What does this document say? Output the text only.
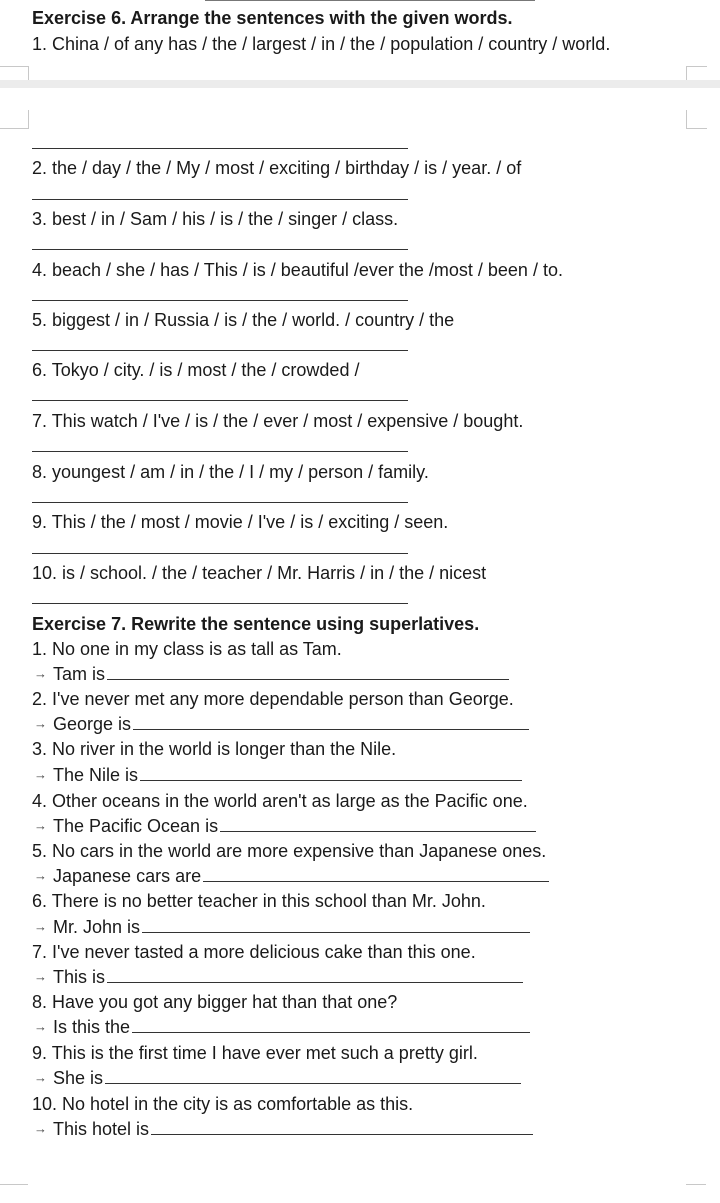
Exercise 6. Arrange the sentences with the given words.
1. China / of any has / the / largest / in / the / population / country / world.
2. the / day / the / My / most / exciting / birthday / is / year. / of
3. best / in / Sam / his / is / the / singer / class.
4. beach / she / has / This / is / beautiful /ever the /most / been / to.
5. biggest / in / Russia / is / the / world. / country / the
6. Tokyo / city. / is / most / the / crowded /
7. This watch / I've / is / the / ever / most / expensive / bought.
8. youngest / am / in / the / I / my / person / family.
9. This / the / most / movie / I've / is / exciting / seen.
10. is / school. / the / teacher / Mr. Harris / in / the / nicest
Exercise 7. Rewrite the sentence using superlatives.
1. No one in my class is as tall as Tam.
→ Tam is
2. I've never met any more dependable person than George.
→ George is
3. No river in the world is longer than the Nile.
→ The Nile is
4. Other oceans in the world aren't as large as the Pacific one.
→ The Pacific Ocean is
5. No cars in the world are more expensive than Japanese ones.
→ Japanese cars are
6. There is no better teacher in this school than Mr. John.
→ Mr. John is
7. I've never tasted a more delicious cake than this one.
→ This is
8. Have you got any bigger hat than that one?
→ Is this the
9. This is the first time I have ever met such a pretty girl.
→ She is
10. No hotel in the city is as comfortable as this.
→ This hotel is
